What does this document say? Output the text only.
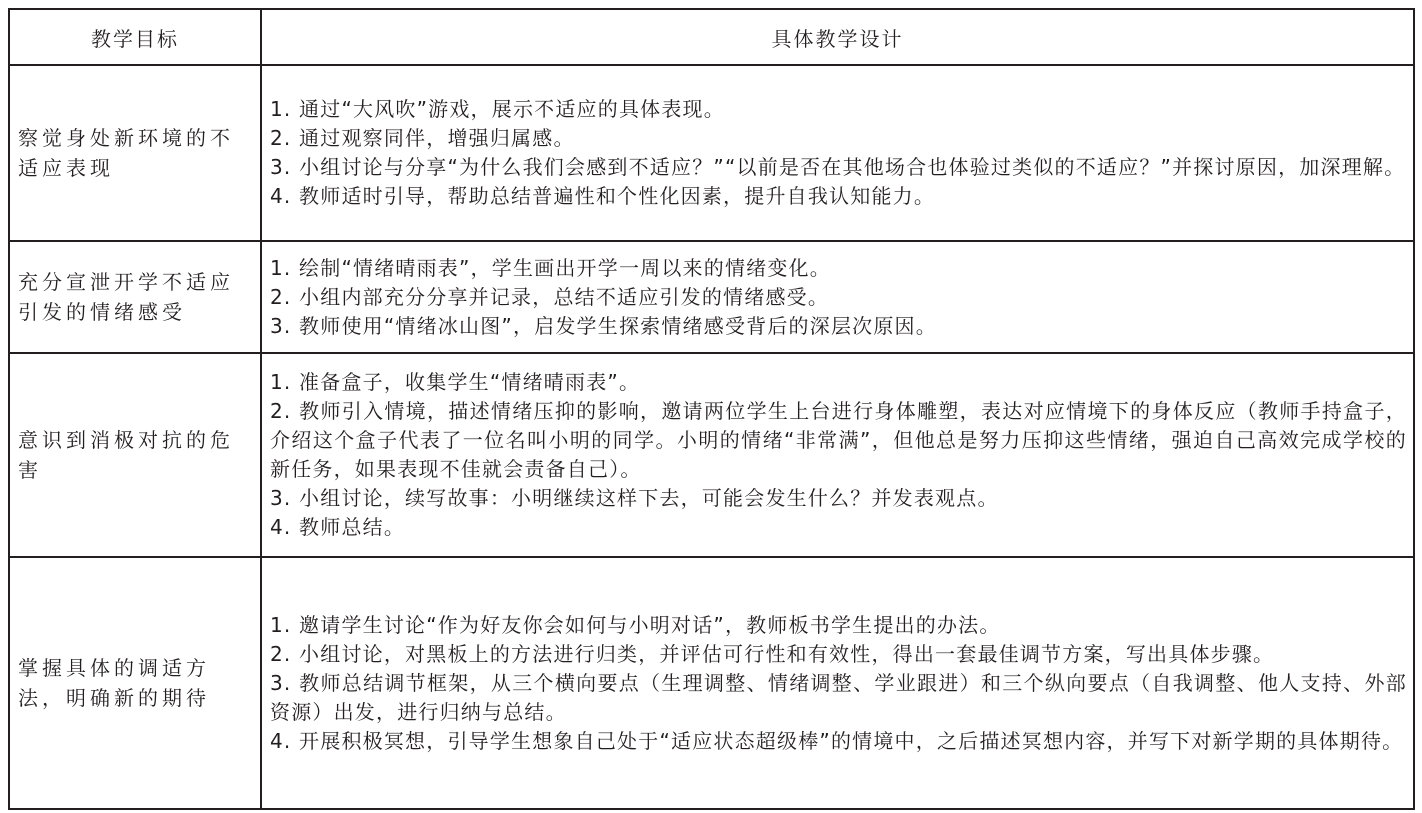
教学目标	具体教学设计
察觉身处新环境的不适应表现	1. 通过“大风吹”游戏，展示不适应的具体表现。
2. 通过观察同伴，增强归属感。
3. 小组讨论与分享“为什么我们会感到不适应？”“以前是否在其他场合也体验过类似的不适应？”并探讨原因，加深理解。
4. 教师适时引导，帮助总结普遍性和个性化因素，提升自我认知能力。

充分宣泄开学不适应引发的情绪感受	1. 绘制“情绪晴雨表”，学生画出开学一周以来的情绪变化。
2. 小组内部充分分享并记录，总结不适应引发的情绪感受。
3. 教师使用“情绪冰山图”，启发学生探索情绪感受背后的深层次原因。

意识到消极对抗的危害	1. 准备盒子，收集学生“情绪晴雨表”。
2. 教师引入情境，描述情绪压抑的影响，邀请两位学生上台进行身体雕塑，表达对应情境下的身体反应（教师手持盒子，介绍这个盒子代表了一位名叫小明的同学。小明的情绪“非常满”，但他总是努力压抑这些情绪，强迫自己高效完成学校的新任务，如果表现不佳就会责备自己）。
3. 小组讨论，续写故事：小明继续这样下去，可能会发生什么？并发表观点。
4. 教师总结。

掌握具体的调适方法，明确新的期待	1. 邀请学生讨论“作为好友你会如何与小明对话”，教师板书学生提出的办法。
2. 小组讨论，对黑板上的方法进行归类，并评估可行性和有效性，得出一套最佳调节方案，写出具体步骤。
3. 教师总结调节框架，从三个横向要点（生理调整、情绪调整、学业跟进）和三个纵向要点（自我调整、他人支持、外部资源）出发，进行归纳与总结。
4. 开展积极冥想，引导学生想象自己处于“适应状态超级棒”的情境中，之后描述冥想内容，并写下对新学期的具体期待。
